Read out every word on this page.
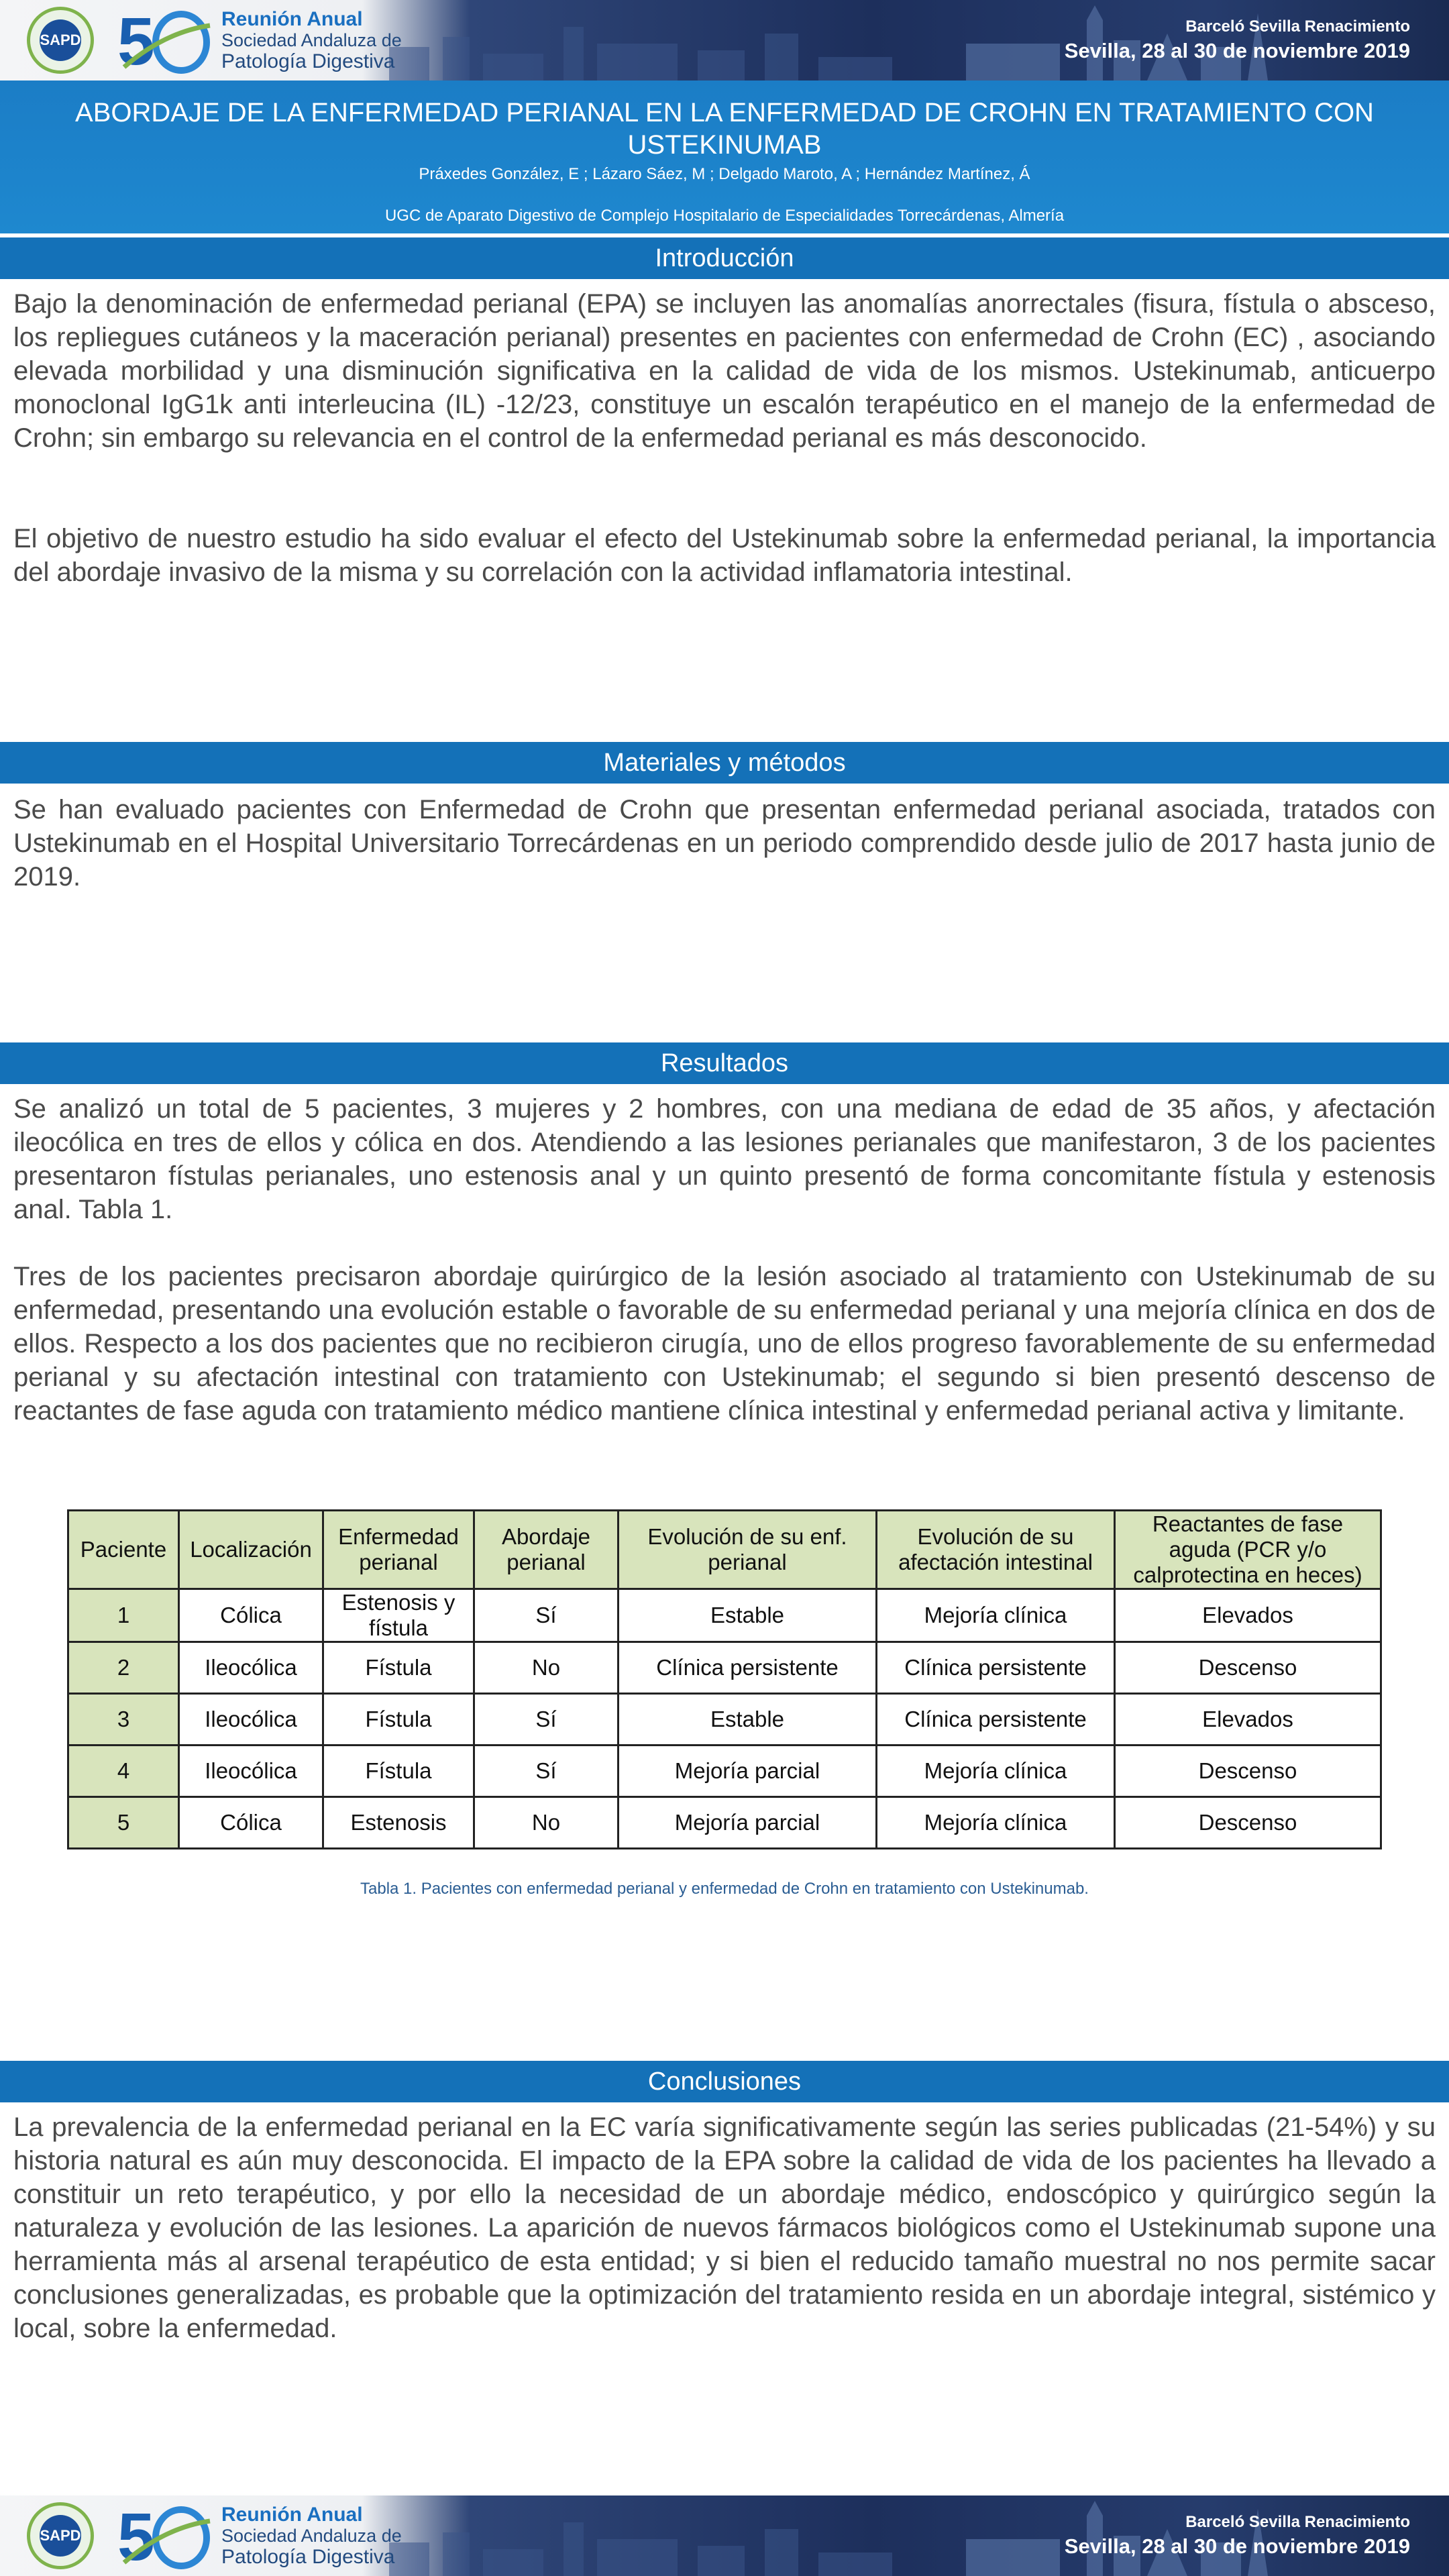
SAPD 5	Reunión Anual
Sociedad Andaluza de
Patología Digestiva
Barceló Sevilla Renacimiento
Sevilla, 28 al 30 de noviembre 2019
ABORDAJE DE LA ENFERMEDAD PERIANAL EN LA ENFERMEDAD DE CROHN EN TRATAMIENTO CON USTEKINUMAB
Práxedes González, E ; Lázaro Sáez, M ; Delgado Maroto, A ; Hernández Martínez, Á
UGC de Aparato Digestivo de Complejo Hospitalario de Especialidades Torrecárdenas, Almería
Introducción

Bajo la denominación de enfermedad perianal (EPA) se incluyen las anomalías anorrectales (fisura, fístula o absceso, los repliegues cutáneos y la maceración perianal) presentes en pacientes con enfermedad de Crohn (EC) , asociando elevada morbilidad y una disminución significativa en la calidad de vida de los mismos. Ustekinumab, anticuerpo monoclonal IgG1k anti interleucina (IL) -12/23, constituye un escalón terapéutico en el manejo de la enfermedad de Crohn; sin embargo su relevancia en el control de la enfermedad perianal es más desconocido.

El objetivo de nuestro estudio ha sido evaluar el efecto del Ustekinumab sobre la enfermedad perianal, la importancia del abordaje invasivo de la misma y su correlación con la actividad inflamatoria intestinal.

Materiales y métodos

Se han evaluado pacientes con Enfermedad de Crohn que presentan enfermedad perianal asociada, tratados con Ustekinumab en el Hospital Universitario Torrecárdenas en un periodo comprendido desde julio de 2017 hasta junio de 2019.

Resultados

Se analizó un total de 5 pacientes, 3 mujeres y 2 hombres, con una mediana de edad de 35 años, y afectación ileocólica en tres de ellos y cólica en dos. Atendiendo a las lesiones perianales que manifestaron, 3 de los pacientes presentaron fístulas perianales, uno estenosis anal y un quinto presentó de forma concomitante fístula y estenosis anal. Tabla 1.

Tres de los pacientes precisaron abordaje quirúrgico de la lesión asociado al tratamiento con Ustekinumab de su enfermedad, presentando una evolución estable o favorable de su enfermedad perianal y una mejoría clínica en dos de ellos. Respecto a los dos pacientes que no recibieron cirugía, uno de ellos progreso favorablemente de su enfermedad perianal y su afectación intestinal con tratamiento con Ustekinumab; el segundo si bien presentó descenso de reactantes de fase aguda con tratamiento médico mantiene clínica intestinal y enfermedad perianal activa y limitante.

Paciente	Localización	Enfermedad perianal	Abordaje perianal	Evolución de su enf. perianal	Evolución de su afectación intestinal	Reactantes de fase aguda (PCR y/o calprotectina en heces)
1	Cólica	Estenosis y fístula	Sí	Estable	Mejoría clínica	Elevados
2	Ileocólica	Fístula	No	Clínica persistente	Clínica persistente	Descenso
3	Ileocólica	Fístula	Sí	Estable	Clínica persistente	Elevados
4	Ileocólica	Fístula	Sí	Mejoría parcial	Mejoría clínica	Descenso
5	Cólica	Estenosis	No	Mejoría parcial	Mejoría clínica	Descenso
Tabla 1. Pacientes con enfermedad perianal y enfermedad de Crohn en tratamiento con Ustekinumab.
Conclusiones

La prevalencia de la enfermedad perianal en la EC varía significativamente según las series publicadas (21-54%) y su historia natural es aún muy desconocida. El impacto de la EPA sobre la calidad de vida de los pacientes ha llevado a constituir un reto terapéutico, y por ello la necesidad de un abordaje médico, endoscópico y quirúrgico según la naturaleza y evolución de las lesiones. La aparición de nuevos fármacos biológicos como el Ustekinumab supone una herramienta más al arsenal terapéutico de esta entidad; y si bien el reducido tamaño muestral no nos permite sacar conclusiones generalizadas, es probable que la optimización del tratamiento resida en un abordaje integral, sistémico y local, sobre la enfermedad.

SAPD 5	Reunión Anual
Sociedad Andaluza de
Patología Digestiva
Barceló Sevilla Renacimiento
Sevilla, 28 al 30 de noviembre 2019
